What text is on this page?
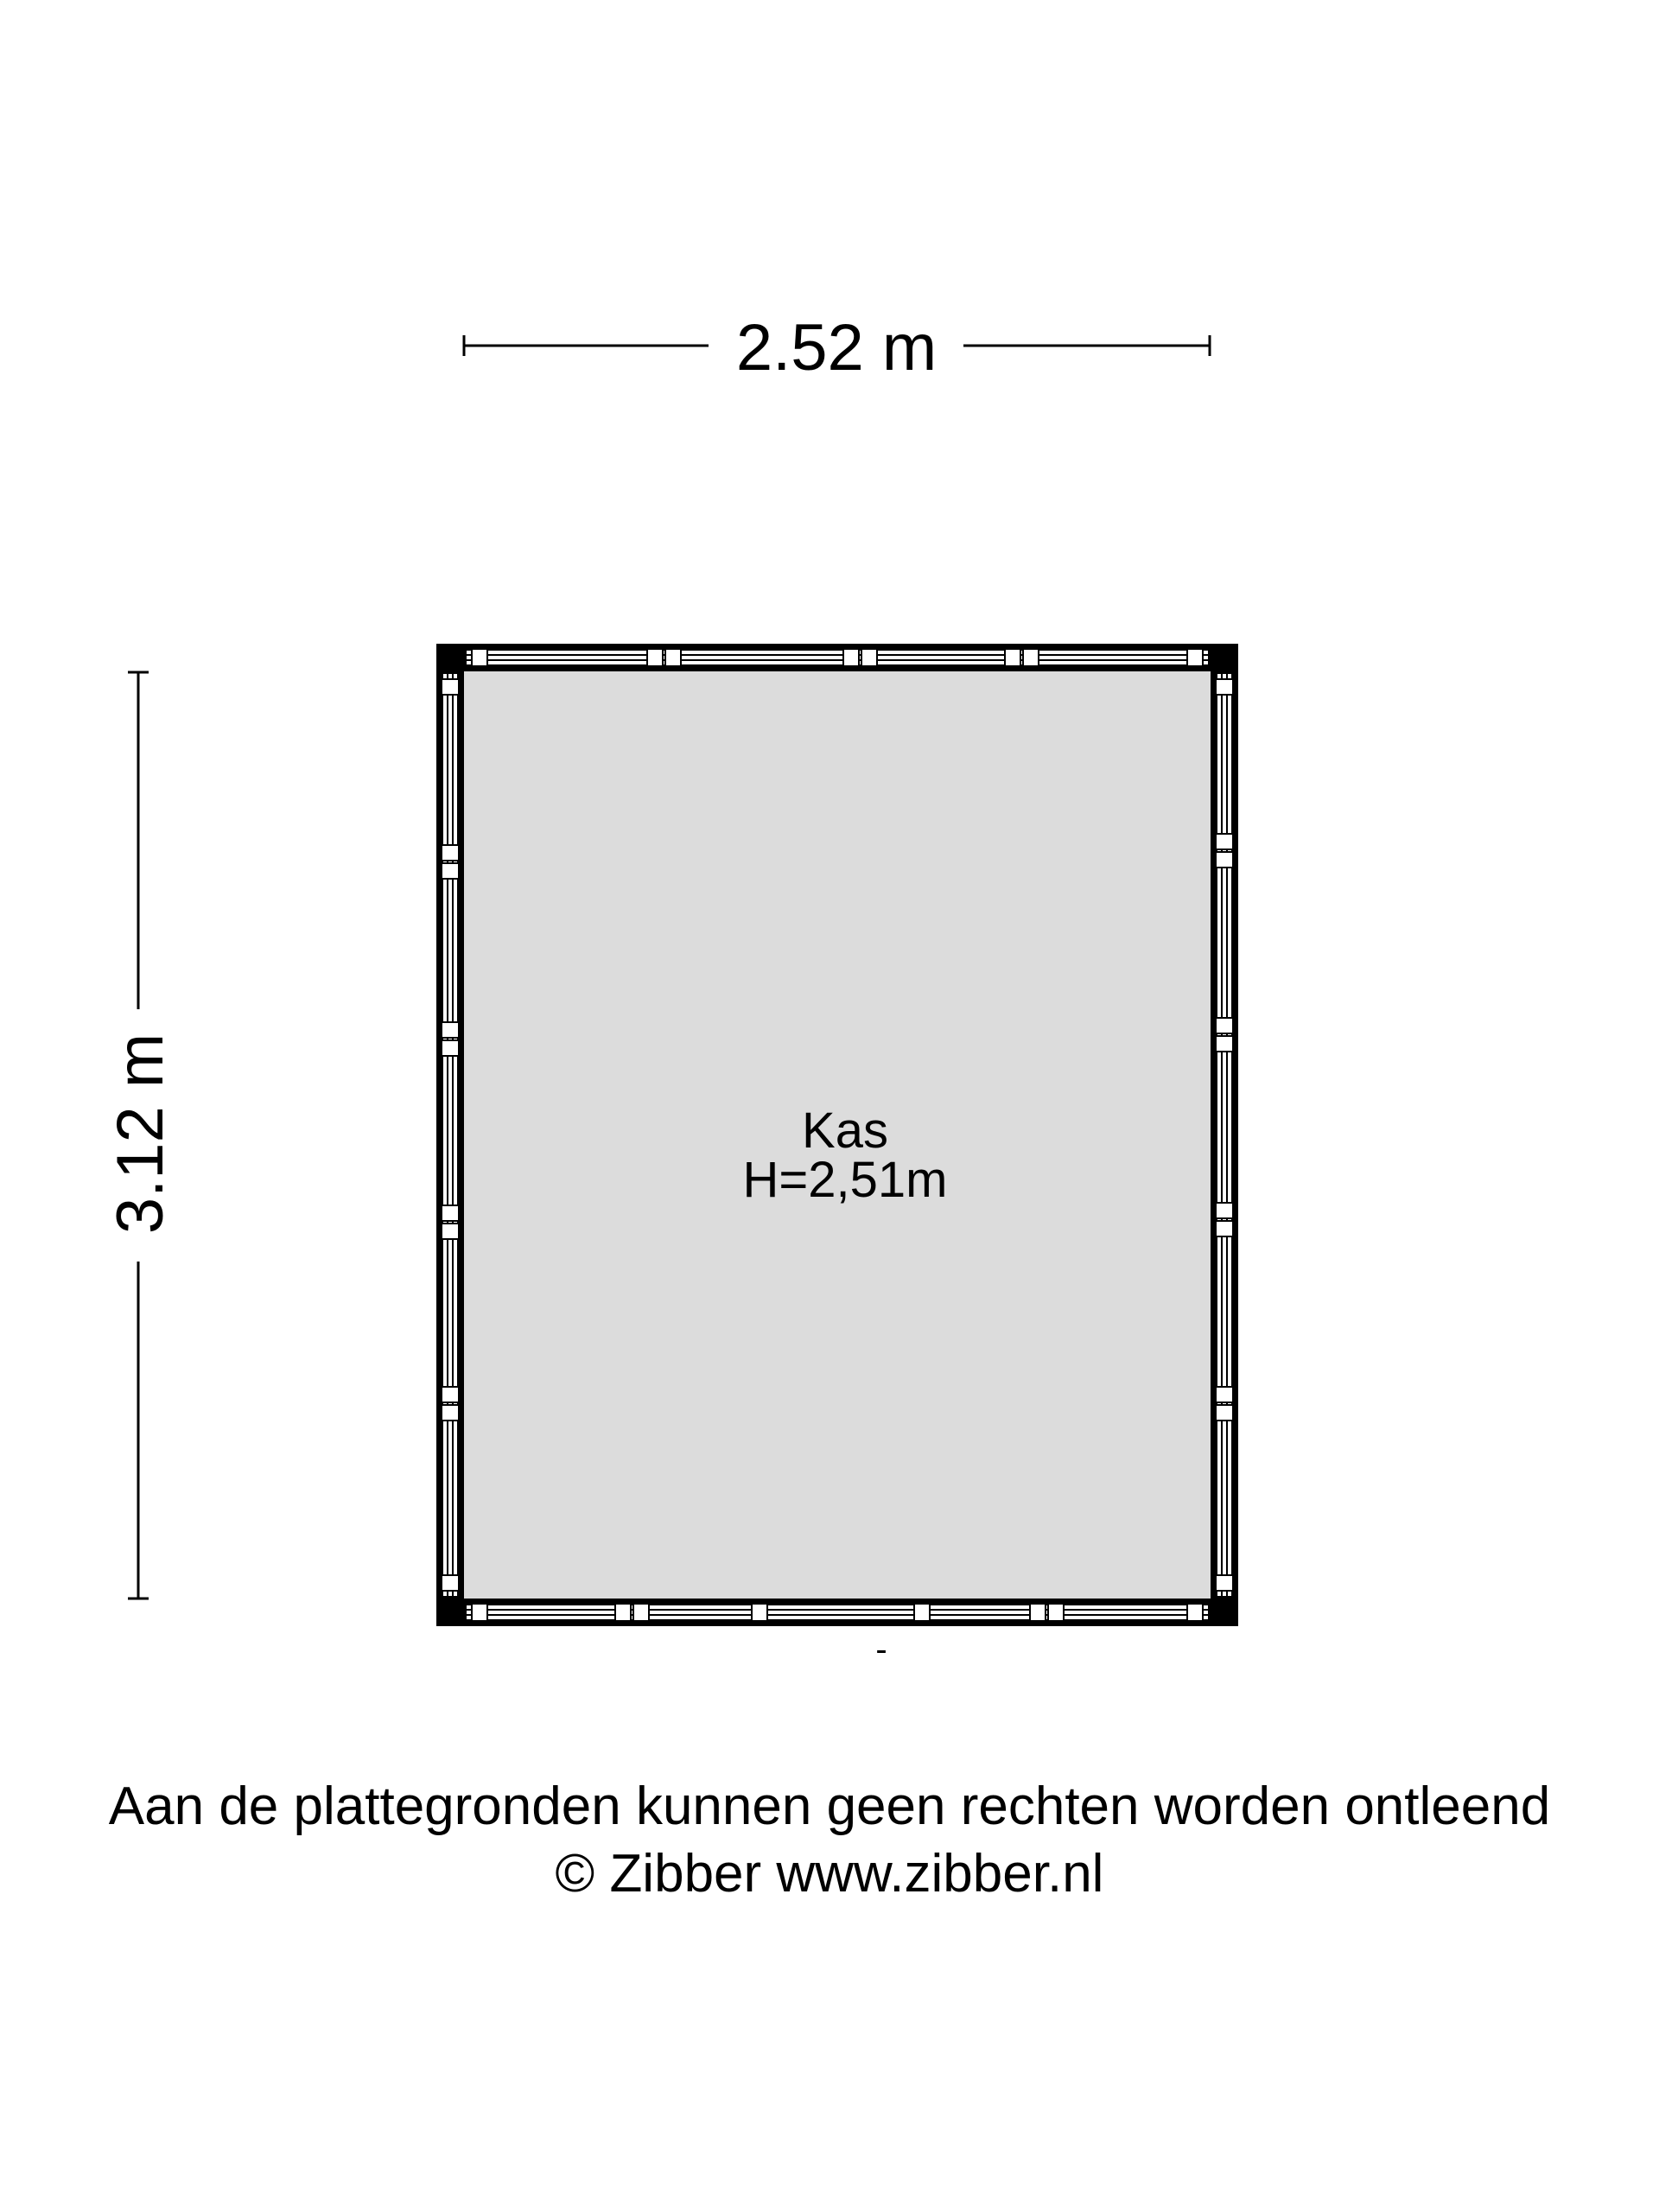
2.52 m
3.12 m	Kas
H=2,51m
-
Aan de plattegronden kunnen geen rechten worden ontleend
© Zibber www.zibber.nl
